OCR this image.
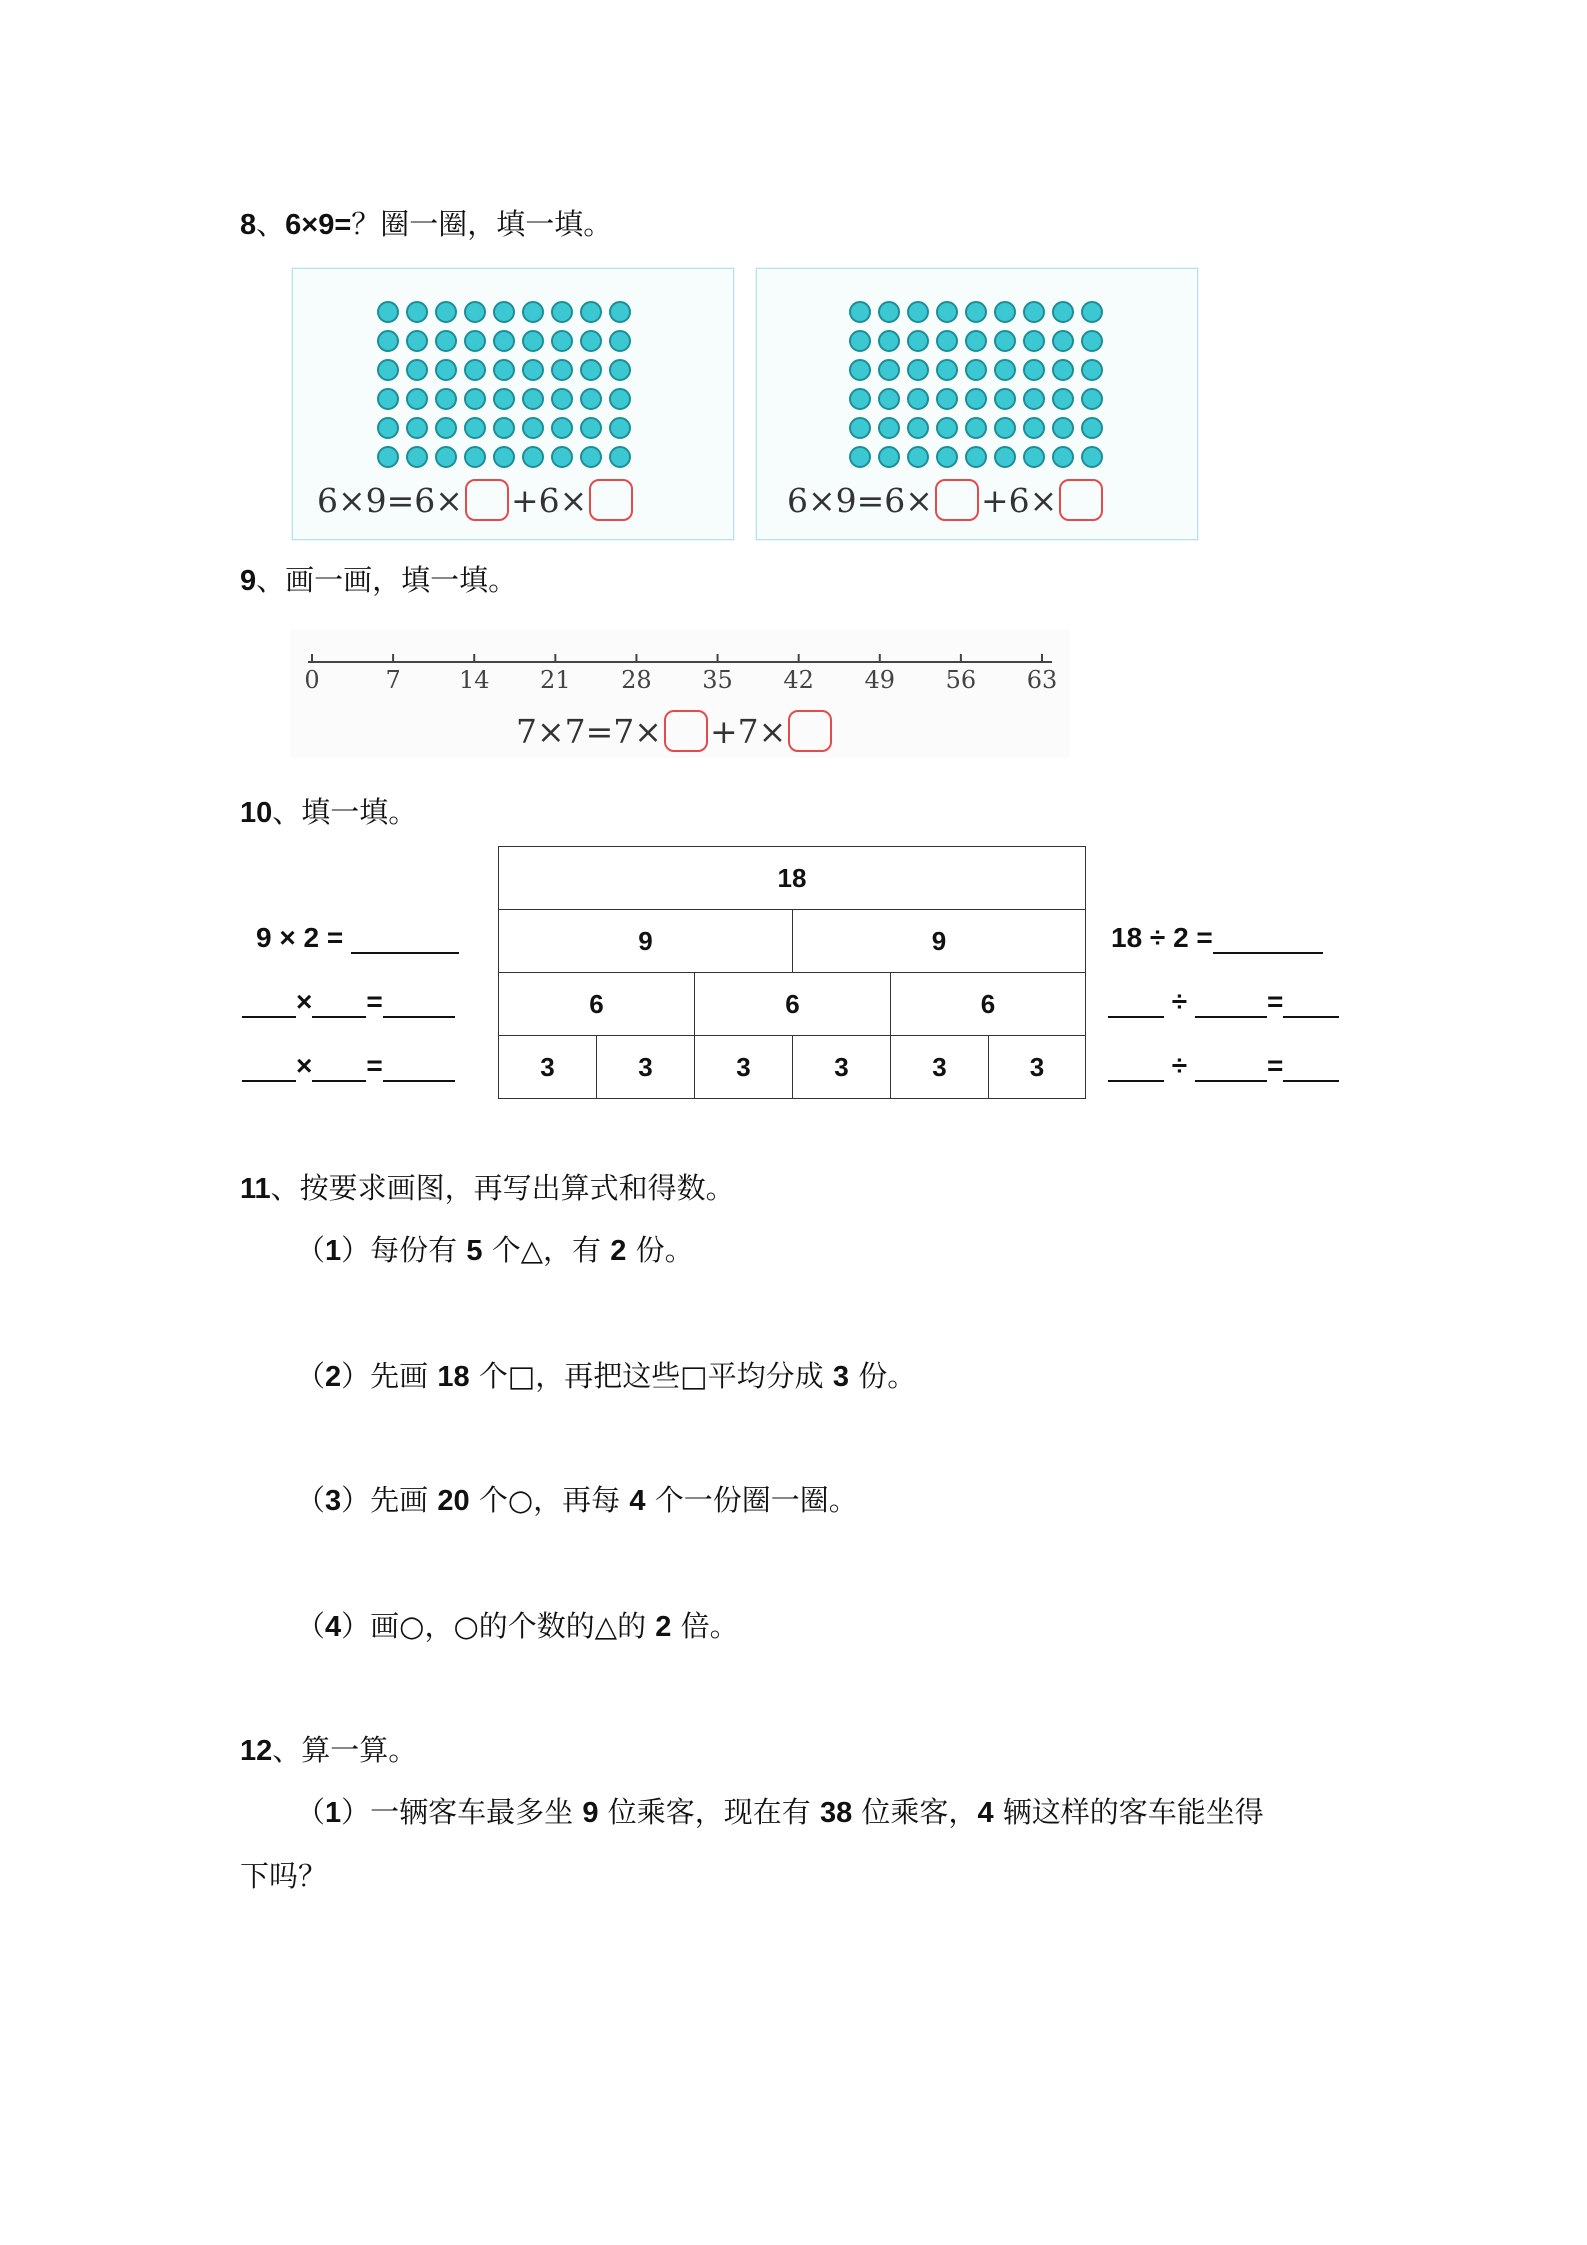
8、6×9=？圈一圈，填一填。
6×9=6× +6×	6×9=6× +6×
9、画一画，填一填。
0	7	14 21 28 35 42 49 56 63
7×7=7× +7×
10、填一填。
18					
9			9		
6		6		6	
3	3	3	3	3	3
9 × 2 =
× =
× =
18 ÷ 2 =
÷	=
÷	=
11、按要求画图，再写出算式和得数。
（1）每份有 5 个△，有 2 份。
（2）先画 18 个□，再把这些□平均分成 3 份。
（3）先画 20 个○，再每 4 个一份圈一圈。
（4）画○，○的个数的△的 2 倍。
12、算一算。
（1）一辆客车最多坐 9 位乘客，现在有 38 位乘客，4 辆这样的客车能坐得
下吗？
